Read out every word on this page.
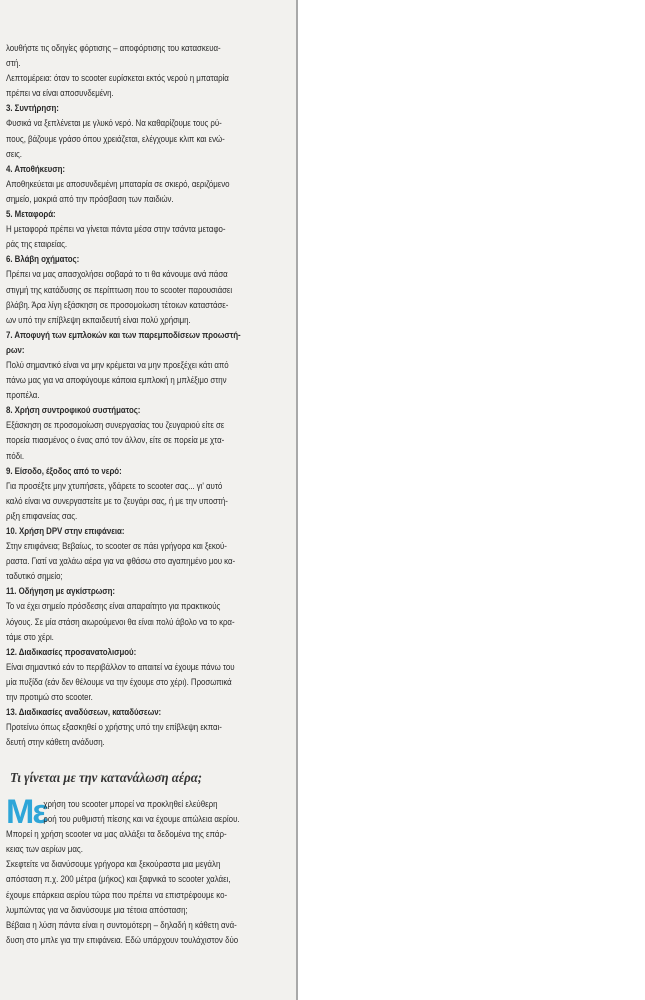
λουθήστε τις οδηγίες φόρτισης – αποφόρτισης του κατασκευα-
στή.
Λεπτομέρεια: όταν το scooter ευρίσκεται εκτός νερού η μπαταρία
πρέπει να είναι αποσυνδεμένη.
3. Συντήρηση:
Φυσικά να ξεπλένεται με γλυκό νερό. Να καθαρίζουμε τους ρύ-
πους, βάζουμε γράσο όπου χρειάζεται, ελέγχουμε κλιπ και ενώ-
σεις.
4. Αποθήκευση:
Αποθηκεύεται με αποσυνδεμένη μπαταρία σε σκιερό, αεριζόμενο
σημείο, μακριά από την πρόσβαση των παιδιών.
5. Μεταφορά:
Η μεταφορά πρέπει να γίνεται πάντα μέσα στην τσάντα μεταφο-
ράς της εταιρείας.
6. Βλάβη οχήματος:
Πρέπει να μας απασχολήσει σοβαρά το τι θα κάνουμε ανά πάσα
στιγμή της κατάδυσης σε περίπτωση που το scooter παρουσιάσει
βλάβη. Άρα λίγη εξάσκηση σε προσομοίωση τέτοιων καταστάσε-
ων υπό την επίβλεψη εκπαιδευτή είναι πολύ χρήσιμη.
7. Αποφυγή των εμπλοκών και των παρεμποδίσεων προωστή-
ρων:
Πολύ σημαντικό είναι να μην κρέμεται να μην προεξέχει κάτι από
πάνω μας για να αποφύγουμε κάποια εμπλοκή η μπλέξιμο στην
προπέλα.
8. Χρήση συντροφικού συστήματος:
Εξάσκηση σε προσομοίωση συνεργασίας του ζευγαριού είτε σε
πορεία πιασμένος ο ένας από τον άλλον, είτε σε πορεία με χτα-
πόδι.
9. Είσοδο, έξοδος από το νερό:
Για προσέξτε μην χτυπήσετε, γδάρετε το scooter σας... γι' αυτό
καλό είναι να συνεργαστείτε με το ζευγάρι σας, ή με την υποστή-
ριξη επιφανείας σας.
10. Χρήση DPV στην επιφάνεια:
Στην επιφάνεια; Βεβαίως, το scooter σε πάει γρήγορα και ξεκού-
ραστα. Γιατί να χαλάω αέρα για να φθάσω στο αγαπημένο μου κα-
ταδυτικό σημείο;
11. Οδήγηση με αγκίστρωση:
Το να έχει σημείο πρόσδεσης είναι απαραίτητο για πρακτικούς
λόγους. Σε μία στάση αιωρούμενοι θα είναι πολύ άβολο να το κρα-
τάμε στο χέρι.
12. Διαδικασίες προσανατολισμού:
Είναι σημαντικό εάν το περιβάλλον το απαιτεί να έχουμε πάνω του
μία πυξίδα (εάν δεν θέλουμε να την έχουμε στο χέρι). Προσωπικά
την προτιμώ στο scooter.
13. Διαδικασίες αναδύσεων, καταδύσεων:
Προτείνω όπως εξασκηθεί ο χρήστης υπό την επίβλεψη εκπαι-
δευτή στην κάθετη ανάδυση.
Τι γίνεται με την κατανάλωση αέρα;
Με
χρήση του scooter μπορεί να προκληθεί ελεύθερη
ροή του ρυθμιστή πίεσης και να έχουμε απώλεια αερίου.
Μπορεί η χρήση scooter να μας αλλάξει τα δεδομένα της επάρ-
κειας των αερίων μας.
Σκεφτείτε να διανύσουμε γρήγορα και ξεκούραστα μια μεγάλη
απόσταση π.χ. 200 μέτρα (μήκος) και ξαφνικά το scooter χαλάει,
έχουμε επάρκεια αερίου τώρα που πρέπει να επιστρέφουμε κο-
λυμπώντας για να διανύσουμε μια τέτοια απόσταση;
Βέβαια η λύση πάντα είναι η συντομότερη – δηλαδή η κάθετη ανά-
δυση στο μπλε για την επιφάνεια. Εδώ υπάρχουν τουλάχιστον δύο
